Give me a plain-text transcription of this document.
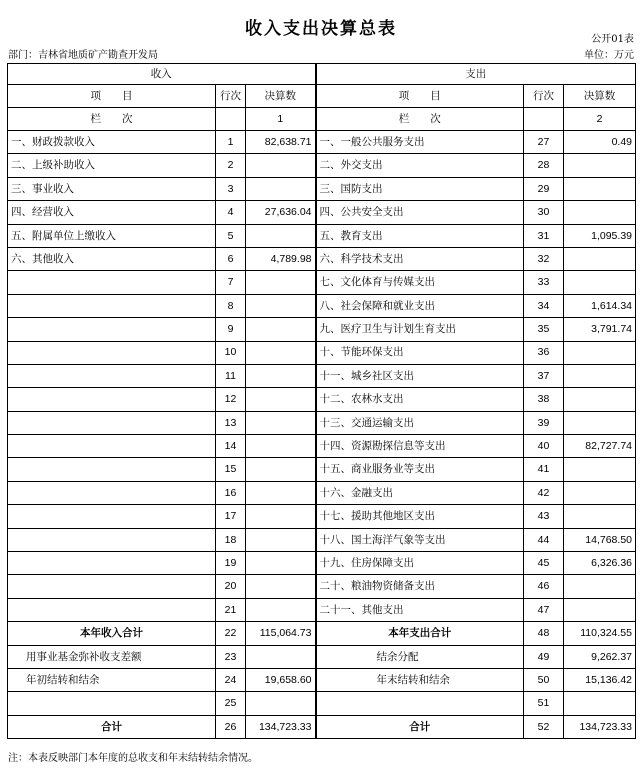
收入支出决算总表
公开01表
部门：吉林省地质矿产勘查开发局	单位：万元
收入			支出		
项　　目	行次	决算数	项　　目	行次	决算数
栏　　次		1	栏　　次		2
一、财政拨款收入	1	82,638.71	一、一般公共服务支出	27	0.49
二、上级补助收入	2		二、外交支出	28	
三、事业收入	3		三、国防支出	29	
四、经营收入	4	27,636.04	四、公共安全支出	30	
五、附属单位上缴收入	5		五、教育支出	31	1,095.39
六、其他收入	6	4,789.98	六、科学技术支出	32	
	7		七、文化体育与传媒支出	33	
	8		八、社会保障和就业支出	34	1,614.34
	9		九、医疗卫生与计划生育支出	35	3,791.74
	10		十、节能环保支出	36	
	11		十一、城乡社区支出	37	
	12		十二、农林水支出	38	
	13		十三、交通运输支出	39	
	14		十四、资源勘探信息等支出	40	82,727.74
	15		十五、商业服务业等支出	41	
	16		十六、金融支出	42	
	17		十七、援助其他地区支出	43	
	18		十八、国土海洋气象等支出	44	14,768.50
	19		十九、住房保障支出	45	6,326.36
	20		二十、粮油物资储备支出	46	
	21		二十一、其他支出	47	
本年收入合计	22	115,064.73	本年支出合计	48	110,324.55
用事业基金弥补收支差额	23		结余分配	49	9,262.37
年初结转和结余	24	19,658.60	年末结转和结余	50	15,136.42
	25			51	
合计	26	134,723.33	合计	52	134,723.33
注：本表反映部门本年度的总收支和年末结转结余情况。
